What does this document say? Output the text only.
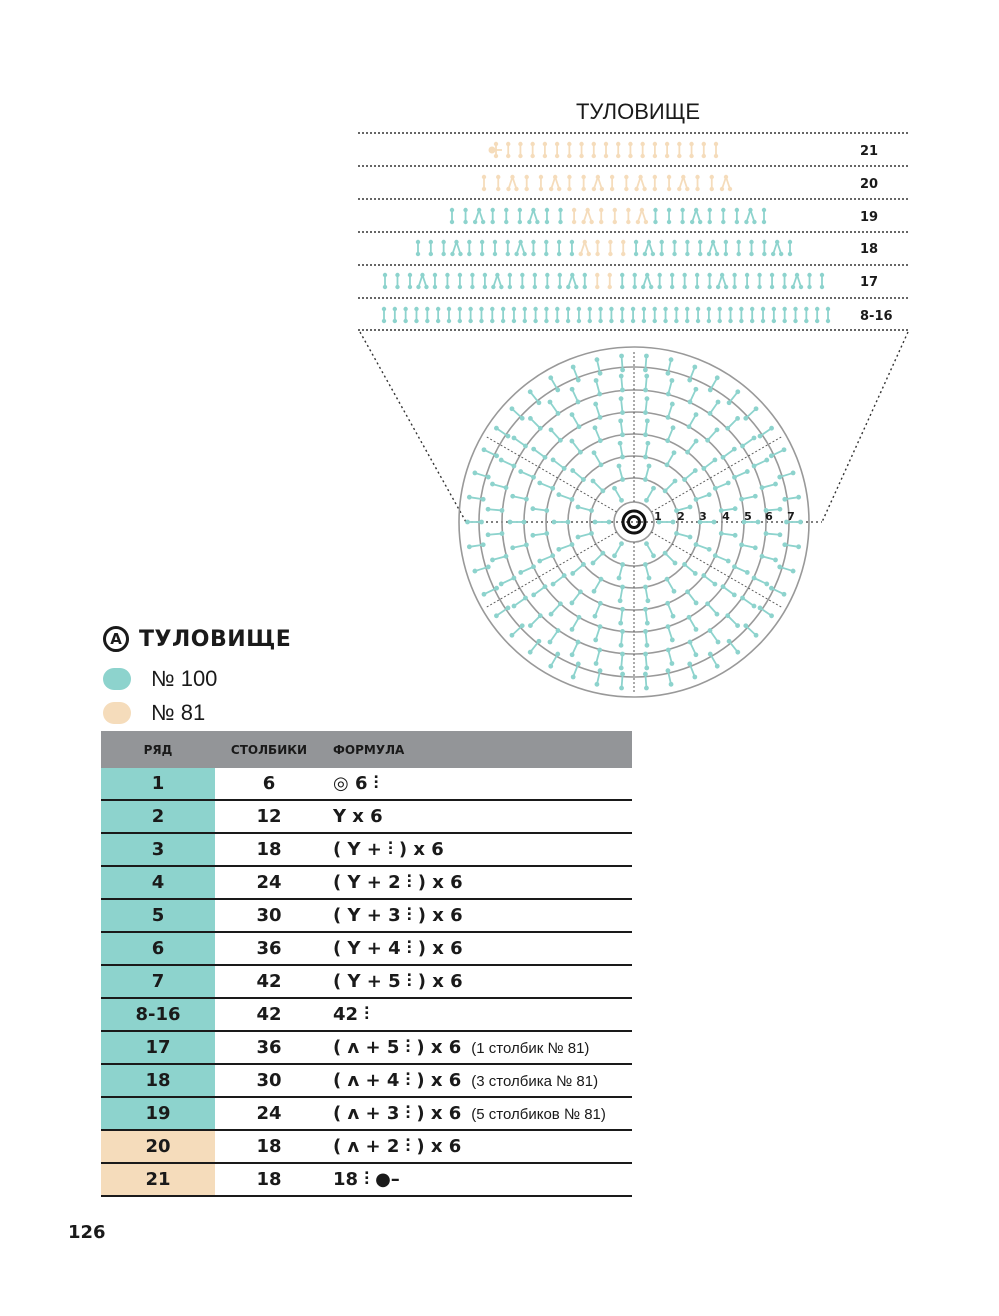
ТУЛОВИЩЕ
21
20
19
18
17
8-16
1 2 3 4 5 6 7
A ТУЛОВИЩЕ
№ 100
№ 81
РЯД	СТОЛБИКИ	ФОРМУЛА
1	6	◎ 6 ⫶
2	12	Y x 6
3	18	( Y + ⫶ ) x 6
4	24	( Y + 2 ⫶ ) x 6
5	30	( Y + 3 ⫶ ) x 6
6	36	( Y + 4 ⫶ ) x 6
7	42	( Y + 5 ⫶ ) x 6
8-16	42	42 ⫶
17	36	( ʌ + 5 ⫶ ) x 6 (1 столбик № 81)
18	30	( ʌ + 4 ⫶ ) x 6 (3 столбика № 81)
19	24	( ʌ + 3 ⫶ ) x 6 (5 столбиков № 81)
20	18	( ʌ + 2 ⫶ ) x 6
21	18	18 ⫶ ●–
126
